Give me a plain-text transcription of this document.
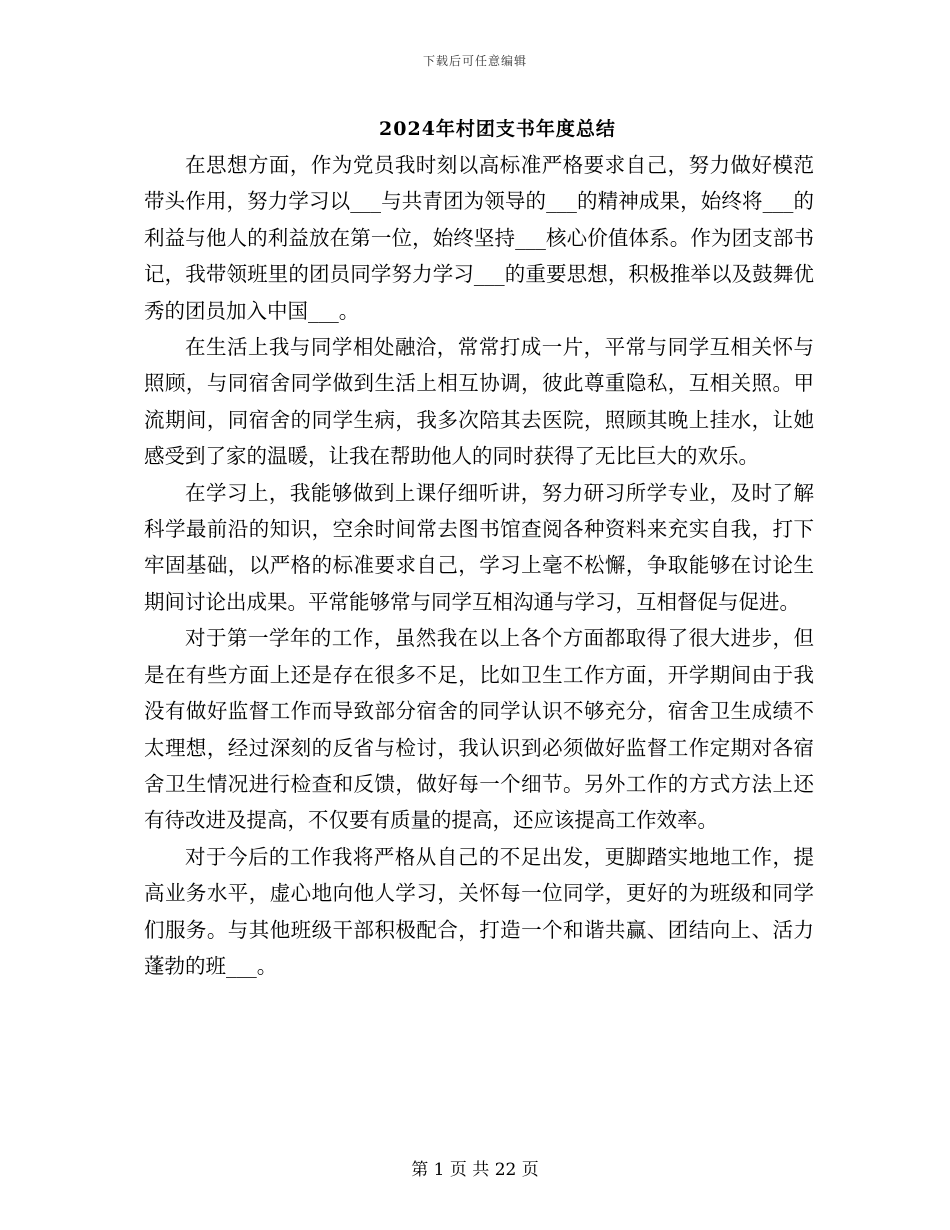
下载后可任意编辑
2024年村团支书年度总结

在思想方面，作为党员我时刻以高标准严格要求自己，努力做好模范带头作用，努力学习以___与共青团为领导的___的精神成果，始终将___的利益与他人的利益放在第一位，始终坚持___核心价值体系。作为团支部书记，我带领班里的团员同学努力学习___的重要思想，积极推举以及鼓舞优秀的团员加入中国___。

在生活上我与同学相处融洽，常常打成一片，平常与同学互相关怀与照顾，与同宿舍同学做到生活上相互协调，彼此尊重隐私，互相关照。甲流期间，同宿舍的同学生病，我多次陪其去医院，照顾其晚上挂水，让她感受到了家的温暖，让我在帮助他人的同时获得了无比巨大的欢乐。

在学习上，我能够做到上课仔细听讲，努力研习所学专业，及时了解科学最前沿的知识，空余时间常去图书馆查阅各种资料来充实自我，打下牢固基础，以严格的标准要求自己，学习上毫不松懈，争取能够在讨论生期间讨论出成果。平常能够常与同学互相沟通与学习，互相督促与促进。

对于第一学年的工作，虽然我在以上各个方面都取得了很大进步，但是在有些方面上还是存在很多不足，比如卫生工作方面，开学期间由于我没有做好监督工作而导致部分宿舍的同学认识不够充分，宿舍卫生成绩不太理想，经过深刻的反省与检讨，我认识到必须做好监督工作定期对各宿舍卫生情况进行检查和反馈，做好每一个细节。另外工作的方式方法上还有待改进及提高，不仅要有质量的提高，还应该提高工作效率。

对于今后的工作我将严格从自己的不足出发，更脚踏实地地工作，提高业务水平，虚心地向他人学习，关怀每一位同学，更好的为班级和同学们服务。与其他班级干部积极配合，打造一个和谐共赢、团结向上、活力蓬勃的班___。

第 1 页 共 22 页
